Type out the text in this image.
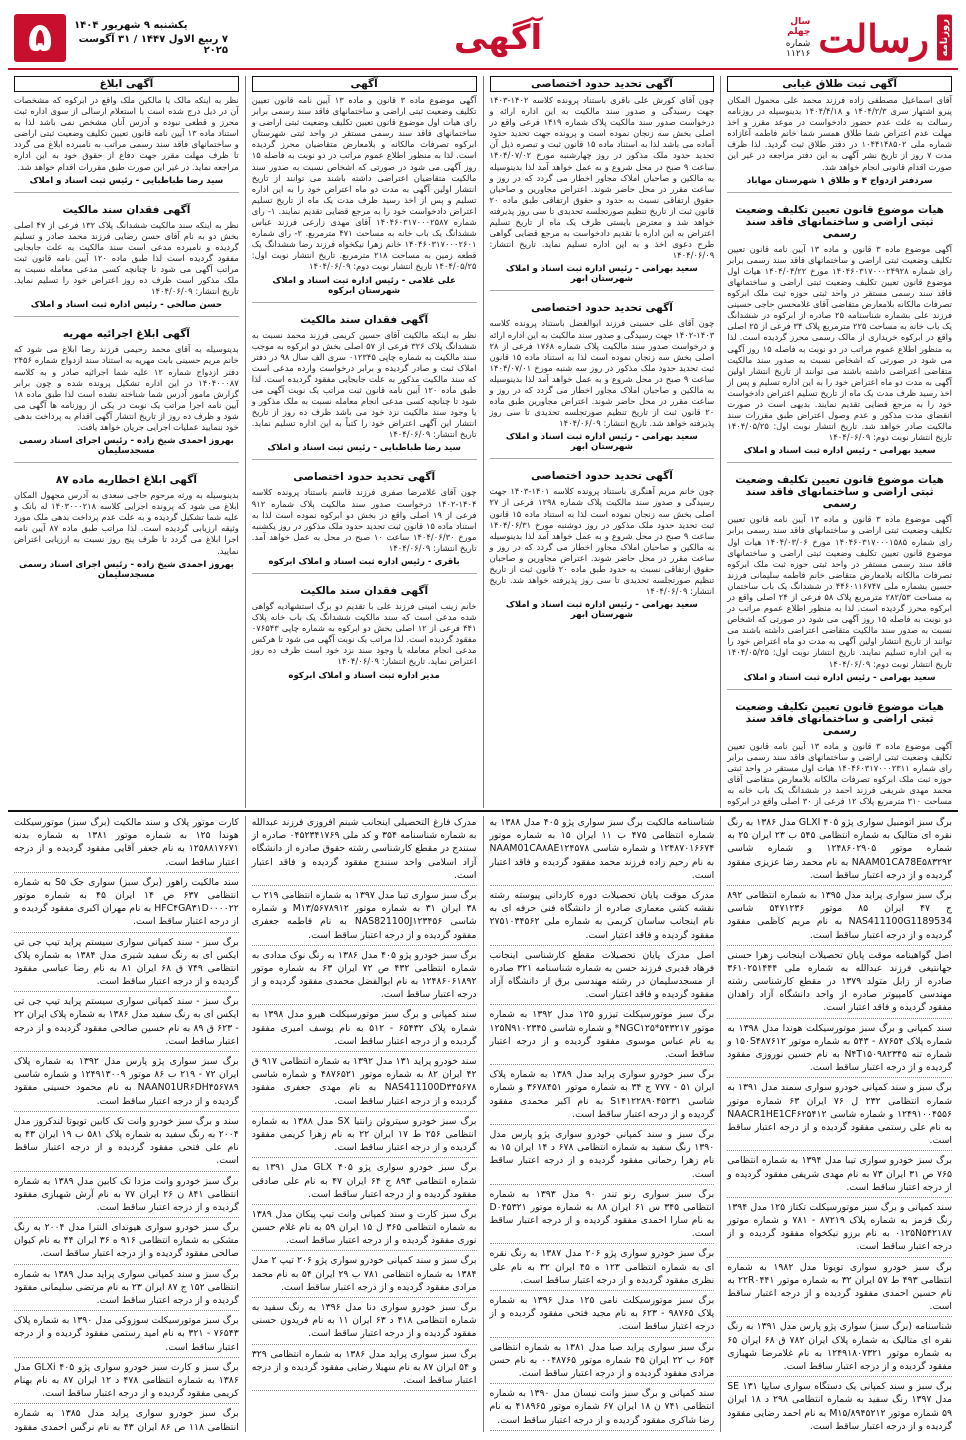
روزنامه
رسالت
سال چهلم
شماره ۱۱۲۱۶
آگهی
یکشنبه ۹ شهریور ۱۴۰۴
۷ ربیع الاول ۱۴۴۷ / ۳۱ آگوست ۲۰۲۵
۵
آگهی ثبت طلاق غیابی

آقای اسماعیل مصطفی زاده فرزند محمد علی محمول المکان پیرو اشتهار سری ۱۴۰۴/۲/۳ و ۱۴۰۴/۴/۱۸ بدینوسیله در روزنامه رسالت به علت عدم حضور دادخواست در موعد مقرر و اخذ مهلت عدم اعتراض شما طلاق همسر شما خانم فاطمه آغازاده شماره ملی ۱۰۴۴۱۴۸۵۰۲ در دفتر طلاق ثبت گردید. لذا ظرف مدت ۷ روز از تاریخ نشر آگهی به این دفتر مراجعه در غیر این صورت اقدام قانونی انجام خواهد شد.

سردفتر ازدواج ۴ و طلاق ۱ شهرستان مهاباد
هیات موضوع قانون تعیین تکلیف وضعیت ثبتی اراضی و ساختمانهای فاقد سند رسمی

آگهی موضوع ماده ۳ قانون و ماده ۱۳ آیین نامه قانون تعیین تکلیف وضعیت ثبتی اراضی و ساختمانهای فاقد سند رسمی برابر رای شماره ۱۴۰۴۶۰۳۱۷۰۰۰۲۴۹۲۸ مورخ ۱۴۰۴/۰۴/۲۲ هیات اول موضوع قانون تعیین تکلیف وضعیت ثبتی اراضی و ساختمانهای فاقد سند رسمی مستقر در واحد ثبتی حوزه ثبت ملک ابرکوه تصرفات مالکانه بلامعارض متقاضی آقای غلامحسن حاجی حسینی فرزند علی بشماره شناسنامه ۲۵ صادره از ابرکوه در ششدانگ یک باب خانه به مساحت ۲۲۵ مترمربع پلاک ۳۴ فرعی از ۲۵ اصلی واقع در ابرکوه خریداری از مالک رسمی محرز گردیده است. لذا به منظور اطلاع عموم مراتب در دو نوبت به فاصله ۱۵ روز آگهی می شود در صورتی که اشخاص نسبت به صدور سند مالکیت متقاضی اعتراضی داشته باشند می توانند از تاریخ انتشار اولین آگهی به مدت دو ماه اعتراض خود را به این اداره تسلیم و پس از اخذ رسید ظرف مدت یک ماه از تاریخ تسلیم اعتراض دادخواست خود را به مرجع قضایی تقدیم نمایند. بدیهی است در صورت انقضای مدت مذکور و عدم وصول اعتراض طبق مقررات سند مالکیت صادر خواهد شد. تاریخ انتشار نوبت اول: ۱۴۰۴/۰۵/۲۵ تاریخ انتشار نوبت دوم: ۱۴۰۴/۰۶/۰۹

سعید بهرامی - رئیس اداره ثبت اسناد و املاک
هیات موضوع قانون تعیین تکلیف وضعیت ثبتی اراضی و ساختمانهای فاقد سند رسمی

آگهی موضوع ماده ۳ قانون و ماده ۱۳ آیین نامه قانون تعیین تکلیف وضعیت ثبتی اراضی و ساختمانهای فاقد سند رسمی برابر رای شماره ۱۴۰۴۶۰۳۱۷۰۰۰۱۵۸۵ مورخ ۱۴۰۴/۰۳/۰۶ هیات اول موضوع قانون تعیین تکلیف وضعیت ثبتی اراضی و ساختمانهای فاقد سند رسمی مستقر در واحد ثبتی حوزه ثبت ملک ابرکوه تصرفات مالکانه بلامعارض متقاضی خانم فاطمه سلیمانی فرزند حسین بشماره ملی ۴۴۶۰۱۱۶۷۴۷ در ششدانگ یک باب ساختمان به مساحت ۲۸۲/۵۳ مترمربع پلاک ۵۸ فرعی از ۲۴ اصلی واقع در ابرکوه محرز گردیده است. لذا به منظور اطلاع عموم مراتب در دو نوبت به فاصله ۱۵ روز آگهی می شود در صورتی که اشخاص نسبت به صدور سند مالکیت متقاضی اعتراضی داشته باشند می توانند از تاریخ انتشار اولین آگهی به مدت دو ماه اعتراض خود را به این اداره تسلیم نمایند. تاریخ انتشار نوبت اول: ۱۴۰۴/۰۵/۲۵ تاریخ انتشار نوبت دوم: ۱۴۰۴/۰۶/۰۹

سعید بهرامی - رئیس اداره ثبت اسناد و املاک
هیات موضوع قانون تعیین تکلیف وضعیت ثبتی اراضی و ساختمانهای فاقد سند رسمی

آگهی موضوع ماده ۳ قانون و ماده ۱۳ آیین نامه قانون تعیین تکلیف وضعیت ثبتی اراضی و ساختمانهای فاقد سند رسمی برابر رای شماره ۱۴۰۴۶۰۳۱۷۰۰۰۲۳۱۱ هیات اول مستقر در واحد ثبتی حوزه ثبت ملک ابرکوه تصرفات مالکانه بلامعارض متقاضی آقای محمد مهدی شریفی فرزند احمد در ششدانگ یک باب خانه به مساحت ۳۱۰ مترمربع پلاک ۱۲ فرعی از ۳۰ اصلی واقع در ابرکوه

آگهی تحدید حدود اختصاصی

چون آقای کورش علی باقری باستناد پرونده کلاسه ۱۴۰۲-۱۴۰۳ جهت رسیدگی و صدور سند مالکیت به این اداره ارائه و درخواست صدور سند مالکیت پلاک شماره ۱۴۱۹ فرعی واقع در اصلی بخش سه زنجان نموده است و پرونده جهت تحدید حدود آماده می باشد لذا به استناد ماده ۱۵ قانون ثبت و تبصره ذیل آن تحدید حدود ملک مذکور در روز چهارشنبه مورخ ۱۴۰۴/۰۷/۰۲ ساعت ۹ صبح در محل شروع و به عمل خواهد آمد لذا بدینوسیله به مالکین و صاحبان املاک مجاور اخطار می گردد که در روز و ساعت مقرر در محل حاضر شوند. اعتراض مجاورین و صاحبان حقوق ارتفاقی نسبت به حدود و حقوق ارتفاقی طبق ماده ۲۰ قانون ثبت از تاریخ تنظیم صورتجلسه تحدیدی تا سی روز پذیرفته خواهد شد و معترض بایستی ظرف یک ماه از تاریخ تسلیم اعتراض به این اداره با تقدیم دادخواست به مرجع قضایی گواهی طرح دعوی اخذ و به این اداره تسلیم نماید. تاریخ انتشار: ۱۴۰۴/۰۶/۰۹

سعید بهرامی - رئیس اداره ثبت اسناد و املاک شهرستان ابهر
آگهی تحدید حدود اختصاصی

چون آقای علی حسینی فرزند ابوالفضل باستناد پرونده کلاسه ۱۴۰۳-۱۴۰۲ جهت رسیدگی و صدور سند مالکیت به این اداره ارائه و درخواست صدور سند مالکیت پلاک شماره ۱۷۶۸ فرعی از ۲۸ اصلی بخش سه زنجان نموده است لذا به استناد ماده ۱۵ قانون ثبت تحدید حدود ملک مذکور در روز سه شنبه مورخ ۱۴۰۴/۰۷/۰۱ ساعت ۹ صبح در محل شروع و به عمل خواهد آمد لذا بدینوسیله به مالکین و صاحبان املاک مجاور اخطار می گردد که در روز و ساعت مقرر در محل حاضر شوند. اعتراض مجاورین طبق ماده ۲۰ قانون ثبت از تاریخ تنظیم صورتجلسه تحدیدی تا سی روز پذیرفته خواهد شد. تاریخ انتشار: ۱۴۰۴/۰۶/۰۹

سعید بهرامی - رئیس اداره ثبت اسناد و املاک شهرستان ابهر
آگهی تحدید حدود اختصاصی

چون خانم مریم آهنگری باستناد پرونده کلاسه ۱۴۰۱-۱۴۰۳ جهت رسیدگی و صدور سند مالکیت پلاک شماره ۱۲۹۸ فرعی از ۲۷ اصلی بخش سه زنجان نموده است لذا به استناد ماده ۱۵ قانون ثبت تحدید حدود ملک مذکور در روز دوشنبه مورخ ۱۴۰۴/۰۶/۳۱ ساعت ۹ صبح در محل شروع و به عمل خواهد آمد لذا بدینوسیله به مالکین و صاحبان املاک مجاور اخطار می گردد که در روز و ساعت مقرر در محل حاضر شوند. اعتراض مجاورین و صاحبان حقوق ارتفاقی نسبت به حدود طبق ماده ۲۰ قانون ثبت از تاریخ تنظیم صورتجلسه تحدیدی تا سی روز پذیرفته خواهد شد. تاریخ انتشار: ۱۴۰۴/۰۶/۰۹

سعید بهرامی - رئیس اداره ثبت اسناد و املاک شهرستان ابهر
آگهی

آگهی موضوع ماده ۳ قانون و ماده ۱۳ آیین نامه قانون تعیین تکلیف وضعیت ثبتی اراضی و ساختمانهای فاقد سند رسمی برابر رای هیات اول موضوع قانون تعیین تکلیف وضعیت ثبتی اراضی و ساختمانهای فاقد سند رسمی مستقر در واحد ثبتی شهرستان ابرکوه تصرفات مالکانه و بلامعارض متقاضیان محرز گردیده است. لذا به منظور اطلاع عموم مراتب در دو نوبت به فاصله ۱۵ روز آگهی می شود در صورتی که اشخاص نسبت به صدور سند مالکیت متقاضیان اعتراضی داشته باشند می توانند از تاریخ انتشار اولین آگهی به مدت دو ماه اعتراض خود را به این اداره تسلیم و پس از اخذ رسید ظرف مدت یک ماه از تاریخ تسلیم اعتراض دادخواست خود را به مرجع قضایی تقدیم نمایند. ۱- رای شماره ۱۴۰۴۶۰۳۱۷۰۰۰۲۵۸۷ آقای مهدی زارعی فرزند عباس ششدانگ یک باب خانه به مساحت ۴۷۱ مترمربع. ۲- رای شماره ۱۴۰۴۶۰۳۱۷۰۰۰۲۶۰۱ خانم زهرا نیکخواه فرزند رضا ششدانگ یک قطعه زمین به مساحت ۲۱۸ مترمربع. تاریخ انتشار نوبت اول: ۱۴۰۴/۰۵/۲۵ تاریخ انتشار نوبت دوم: ۱۴۰۴/۰۶/۰۹

علی غلامی - رئیس اداره ثبت اسناد و املاک شهرستان ابرکوه
آگهی فقدان سند مالکیت

نظر به اینکه مالکیت آقای حسین کریمی فرزند محمد نسبت به ششدانگ پلاک ۳۲۶ فرعی از ۵۷ اصلی بخش دو ابرکوه به موجب سند مالکیت به شماره چاپی ۰۱۲۳۴۵ سری الف سال ۹۸ در دفتر املاک ثبت و صادر گردیده و برابر درخواست وارده مدعی است که سند مالکیت مذکور به علت جابجایی مفقود گردیده است. لذا طبق ماده ۱۲۰ آیین نامه قانون ثبت مراتب یک نوبت آگهی می شود تا چنانچه کسی مدعی انجام معامله نسبت به ملک مذکور و یا وجود سند مالکیت نزد خود می باشد ظرف ده روز از تاریخ انتشار این آگهی اعتراض خود را کتباً به این اداره تسلیم نماید. تاریخ انتشار: ۱۴۰۴/۰۶/۰۹

سید رضا طباطبایی - رئیس ثبت اسناد و املاک
آگهی تحدید حدود اختصاصی

چون آقای غلامرضا صفری فرزند قاسم باستناد پرونده کلاسه ۱۴۰۴-۱۴۰۲ درخواست صدور سند مالکیت پلاک شماره ۹۱۲ فرعی از ۱۹ اصلی واقع در بخش دو ابرکوه نموده است لذا به استناد ماده ۱۵ قانون ثبت تحدید حدود ملک مذکور در روز یکشنبه مورخ ۱۴۰۴/۰۶/۳۰ ساعت ۱۰ صبح در محل به عمل خواهد آمد. تاریخ انتشار: ۱۴۰۴/۰۶/۰۹

باقری - رئیس اداره ثبت اسناد و املاک ابرکوه
آگهی فقدان سند مالکیت

خانم زینب امینی فرزند علی با تقدیم دو برگ استشهادیه گواهی شده مدعی است که سند مالکیت ششدانگ یک باب خانه پلاک ۴۴۱ فرعی از ۱۲ اصلی بخش دو ابرکوه به شماره چاپی ۰۷۶۵۴۳ مفقود گردیده است. لذا مراتب یک نوبت آگهی می شود تا هرکس مدعی انجام معامله یا وجود سند نزد خود است ظرف ده روز اعتراض نماید. تاریخ انتشار: ۱۴۰۴/۰۶/۰۹

مدیر اداره ثبت اسناد و املاک ابرکوه
آگهی ابلاغ

نظر به اینکه مالک یا مالکین ملک واقع در ابرکوه که مشخصات آن در ذیل درج شده است با استعلام ارسالی از سوی اداره ثبت محرز و قطعی نبوده و آدرس آنان مشخص نمی باشد لذا به استناد ماده ۱۳ آیین نامه قانون تعیین تکلیف وضعیت ثبتی اراضی و ساختمانهای فاقد سند رسمی مراتب به نامبرده ابلاغ می گردد تا ظرف مهلت مقرر جهت دفاع از حقوق خود به این اداره مراجعه نماید. در غیر این صورت طبق مقررات اقدام خواهد شد.

سید رضا طباطبایی - رئیس ثبت اسناد و املاک
آگهی فقدان سند مالکیت

نظر به اینکه سند مالکیت ششدانگ پلاک ۱۳۲ فرعی از ۴۷ اصلی بخش دو به نام آقای حسن رضایی فرزند محمد صادر و تسلیم گردیده و نامبرده مدعی است سند مالکیت به علت جابجایی مفقود گردیده است لذا طبق ماده ۱۲۰ آیین نامه قانون ثبت مراتب آگهی می شود تا چنانچه کسی مدعی معامله نسبت به ملک مذکور است ظرف ده روز اعتراض خود را تسلیم نماید. تاریخ انتشار: ۱۴۰۴/۰۶/۰۹

حسن صالحی - رئیس اداره ثبت اسناد و املاک
آگهی ابلاغ اجرائیه مهریه

بدینوسیله به آقای محمد رحیمی فرزند رضا ابلاغ می شود که خانم مریم حسینی بابت مهریه به استناد سند ازدواج شماره ۲۴۵۶ دفتر ازدواج شماره ۱۲ علیه شما اجرائیه صادر و به کلاسه ۱۴۰۴۰۰۰۸۷ در این اداره تشکیل پرونده شده و چون برابر گزارش مامور آدرس شما شناخته نشده است لذا طبق ماده ۱۸ آیین نامه اجرا مراتب یک نوبت در یکی از روزنامه ها آگهی می شود و ظرف ده روز از تاریخ انتشار آگهی اقدام به پرداخت بدهی خود ننمایید عملیات اجرایی جریان خواهد یافت.

بهروز احمدی شیخ زاده - رئیس اجرای اسناد رسمی مسجدسلیمان
آگهی ابلاغ اخطاریه ماده ۸۷

بدینوسیله به ورثه مرحوم حاجی سعدی به آدرس مجهول المکان ابلاغ می شود که پرونده اجرایی کلاسه ۱۴۰۳۰۰۰۲۱۸ له بانک و علیه شما تشکیل گردیده و به علت عدم پرداخت بدهی ملک مورد وثیقه ارزیابی گردیده است. لذا مراتب طبق ماده ۸۷ آیین نامه اجرا ابلاغ می گردد تا ظرف پنج روز نسبت به ارزیابی اعتراض نمایید.

بهروز احمدی شیخ زاده - رئیس اجرای اسناد رسمی مسجدسلیمان

برگ سبز اتومبیل سواری پژو GLXI ۴۰۵ مدل ۱۳۸۶ به رنگ نقره ای متالیک به شماره انتظامی ۵۴۵ ب ۲۳ ایران ۲۵ به شماره موتور ۱۲۴۸۶۰۲۹۰۵ و شماره شاسی NAAM01CA78E۵۸۳۲۹۲ به نام محمد رضا عزیزی مفقود گردیده و از درجه اعتبار ساقط است.

برگ سبز سواری پراید مدل ۱۳۹۵ به شماره انتظامی ۸۹۲ ج ۴۷ ایران ۸۵ موتور ۵۴۷۱۲۳۶ شاسی NAS411100G1189534 به نام مریم کاظمی مفقود گردیده و از درجه اعتبار ساقط است.

اصل گواهینامه موقت پایان تحصیلات اینجانب زهرا حسنی جهانتیغی فرزند عبدالله به شماره ملی ۳۶۱۰۲۵۱۴۴۴ صادره از زابل متولد ۱۳۷۹ در مقطع کارشناسی رشته مهندسی کامپیوتر صادره از واحد دانشگاه آزاد زاهدان مفقود گردیده و فاقد اعتبار است.

سند کمپانی و برگ سبز موتورسیکلت هوندا مدل ۱۳۹۸ به شماره پلاک ۸۷۶۵۴ - ۵۴۳ به شماره موتور ۱۵۰S۴۸۷۶۱۲ و شماره تنه N۴T۱۵۰۹۸۲۳۴۵ به نام حسین نوروزی مفقود گردیده و از درجه اعتبار ساقط است.

برگ سبز و سند کمپانی خودرو سواری سمند مدل ۱۳۹۱ به شماره انتظامی ۲۳۲ ل ۷۶ ایران ۶۳ شماره موتور ۱۲۴۹۱۰۰۴۵۵۶ و شماره شاسی NAACR1HE1CF۶۲۵۴۱۲ به نام علی رستمی مفقود گردیده و از درجه اعتبار ساقط است.

برگ سبز خودرو سواری تیبا مدل ۱۳۹۴ به شماره انتظامی ۷۶۵ ص ۳۱ ایران ۷۳ به نام مهدی شریفی مفقود گردیده و از درجه اعتبار ساقط است.

سند کمپانی و برگ سبز موتورسیکلت تکتاز ۱۲۵ مدل ۱۳۹۴ رنگ قرمز به شماره پلاک ۸۷۲۱۹ - ۷۸۱ و شماره موتور ۰۱۲۵N۵۴۲۱۸۷ به نام برزو نیکخواه مفقود گردیده و از درجه اعتبار ساقط است.

برگ سبز خودرو سواری تویوتا مدل ۱۹۸۲ به شماره انتظامی ۴۹۳ ط ۵۷ ایران ۳۲ به شماره موتور ۲۲R۰۴۴۱ به نام حسین احمدی مفقود گردیده و از درجه اعتبار ساقط است.

شناسنامه (برگ سبز) سواری پژو پارس مدل ۱۳۹۱ به رنگ نقره ای متالیک به شماره پلاک ایران ۷۸۲ ق ۶۸ ایران ۶۵ به شماره موتور ۱۲۴۹۱۸۰۷۳۲۱ به نام غلامرضا شهبازی مفقود گردیده و از درجه اعتبار ساقط است.

برگ سبز و سند کمپانی یک دستگاه سواری سایپا SE ۱۳۱ مدل ۱۳۹۷ رنگ سفید به شماره انتظامی ۲۹۸ د ۱۸ ایران ۵۹ شماره موتور M۱۵/۸۹۴۵۲۱۲ به نام احمد رضایی مفقود گردیده و از درجه اعتبار ساقط است.

شناسنامه مالکیت برگ سبز سواری پژو ۴۰۵ مدل ۱۳۸۸ به شماره انتظامی ۴۷۵ ب ۱۱ ایران ۱۵ به شماره موتور ۱۲۴۸۷۰۱۶۶۷۴ و شماره شاسی NAAM01CA۸AE۱۲۴۵۷۸ به نام رحیم زاده فرزند محمد مفقود گردیده و فاقد اعتبار است.

مدرک موقت پایان تحصیلات دوره کاردانی پیوسته رشته نقشه کشی معماری صادره از دانشگاه فنی حرفه ای به نام اینجانب ساسان کریمی به شماره ملی ۲۷۵۱۰۳۴۵۶۲ مفقود گردیده و فاقد اعتبار است.

اصل مدرک پایان تحصیلات مقطع کارشناسی اینجانب فرهاد قدیری فرزند حسن به شماره شناسنامه ۳۲۱ صادره از مسجدسلیمان در رشته مهندسی برق از دانشگاه آزاد مفقود گردیده و فاقد اعتبار است.

برگ سبز موتورسیکلت تیزرو ۱۲۵ مدل ۱۳۹۲ به شماره موتور NGC۱۲۵*۵۴۳۲۱۷* و شماره شاسی ۱۲۵N۹۱۰۲۳۴۵ به نام عباس موسوی مفقود گردیده و از درجه اعتبار ساقط است.

برگ سبز خودرو سواری پراید مدل ۱۳۸۹ به شماره پلاک ایران ۵۱ - ۷۷۷ ج ۳۴ به شماره موتور ۳۶۷۸۴۵۱ و شماره شاسی S۱۴۱۲۲۸۹۰۴۵۲۳۱ به نام اکبر محمدی مفقود گردیده و از درجه اعتبار ساقط است.

برگ سبز و سند کمپانی خودرو سواری پژو پارس مدل ۱۳۹۰ رنگ سفید به شماره انتظامی ۶۷۸ د ۱۴ ایران ۱۵ به نام زهرا رحمانی مفقود گردیده و از درجه اعتبار ساقط است.

برگ سبز سواری رنو تندر ۹۰ مدل ۱۳۹۳ به شماره انتظامی ۳۴۵ س ۶۱ ایران ۸۸ به شماره موتور D۰۴۵۳۲۱ به نام سارا احمدی مفقود گردیده و از درجه اعتبار ساقط است.

برگ سبز خودرو سواری پژو ۲۰۶ مدل ۱۳۸۷ به رنگ نقره ای به شماره انتظامی ۱۲۳ ه ۴۵ ایران ۳۲ به نام علی نظری مفقود گردیده و از درجه اعتبار ساقط است.

برگ سبز موتورسیکلت نامی ۱۲۵ مدل ۱۳۹۶ به شماره پلاک ۹۸۷۶۵ - ۶۲۳ به نام مجید فتحی مفقود گردیده و از درجه اعتبار ساقط است.

برگ سبز سواری پراید صبا مدل ۱۳۸۱ به شماره انتظامی ۶۵۴ ب ۲۲ ایران ۴۵ شماره موتور ۰۰۴۸۷۶۵ به نام حسن مرادی مفقود گردیده و از درجه اعتبار ساقط است.

سند کمپانی و برگ سبز وانت نیسان مدل ۱۳۹۰ به شماره انتظامی ۷۴۱ ن ۱۸ ایران ۶۷ شماره موتور ۴۱۸۹۶۵ به نام رضا شاکری مفقود گردیده و از درجه اعتبار ساقط است.

مدرک فارغ التحصیلی اینجانب شبنم افروزی فرزند عبدالله به شماره شناسنامه ۳۵۴ و کد ملی ۰۴۵۲۳۴۱۷۶۹ صادره از سنندج در مقطع کارشناسی رشته حقوق صادره از دانشگاه آزاد اسلامی واحد سنندج مفقود گردیده و فاقد اعتبار است.

برگ سبز سواری تیبا مدل ۱۳۹۷ به شماره انتظامی ۲۱۹ ب ۳۸ ایران ۳۱ به شماره موتور M۱۳/۵۶۷۸۹۱۲ و شماره شاسی NAS821100J۱۲۳۴۵۶ به نام فاطمه جعفری مفقود گردیده و از درجه اعتبار ساقط است.

برگ سبز خودرو پژو ۴۰۵ مدل ۱۳۸۶ به رنگ نوک مدادی به شماره انتظامی ۴۳۲ ص ۷۲ ایران ۶۳ به شماره موتور ۱۲۴۸۶۰۶۱۸۹۲ به نام ابوالفضل محمدی مفقود گردیده و از درجه اعتبار ساقط است.

سند کمپانی و برگ سبز موتورسیکلت هیرو مدل ۱۳۹۸ به شماره پلاک ۶۵۴۳۲ - ۵۱۲ به نام یوسف امیری مفقود گردیده و از درجه اعتبار ساقط است.

سند خودرو پراید ۱۳۱ مدل ۱۳۹۲ به شماره انتظامی ۹۱۷ ق ۴۲ ایران ۸۲ به شماره موتور ۴۸۷۶۵۲۱ و شماره شاسی NAS411100D۳۴۵۶۷۸ به نام مهدی جعفری مفقود گردیده و از درجه اعتبار ساقط است.

برگ سبز خودرو سیتروئن زانتیا SX مدل ۱۳۸۸ به شماره انتظامی ۲۵۶ ط ۱۷ ایران ۲۲ به نام زهرا کریمی مفقود گردیده و از درجه اعتبار ساقط است.

برگ سبز خودرو سواری پژو ۴۰۵ GLX مدل ۱۳۹۱ به شماره انتظامی ۸۹۳ ج ۶۴ ایران ۴۷ به نام علی صادقی مفقود گردیده و از درجه اعتبار ساقط است.

برگ سبز کارت و سند کمپانی وانت تیپ پیکان مدل ۱۳۸۹ به شماره انتظامی ۳۶۵ ل ۱۵ ایران ۵۹ به نام غلام حسین نوری مفقود گردیده و از درجه اعتبار ساقط است.

برگ سبز و سند کمپانی خودرو سواری پژو ۲۰۶ تیپ ۲ مدل ۱۳۸۴ به شماره انتظامی ۷۸۱ ب ۲۹ ایران ۵۴ به نام محمد مرادی مفقود گردیده و از درجه اعتبار ساقط است.

برگ سبز خودرو سواری دنا مدل ۱۳۹۶ به رنگ سفید به شماره انتظامی ۴۱۸ د ۶۳ ایران ۱۱ به نام فریدون حسنی مفقود گردیده و از درجه اعتبار ساقط است.

برگ سبز سواری پراید مدل ۱۳۸۶ به شماره انتظامی ۳۲۹ و ۵۴ ایران ۸۷ به نام سهیلا رضایی مفقود گردیده و از درجه اعتبار ساقط است.

کارت موتور پلاک و سند مالکیت (برگ سبز) موتورسیکلت هوندا ۱۲۵ به شماره موتور ۱۳۸۱ به شماره بدنه ۱۲۵۸۸۱۷۶۷۱ به نام جعفر آقایی مفقود گردیده و از درجه اعتبار ساقط است.

سند مالکیت راهور (برگ سبز) سواری جک S۵ به شماره انتظامی ۶۳۷ ص ۱۴ ایران ۴۵ به شماره موتور HFC۴GA۳۱D۰۰۰۰۲۲ به نام مهران اکبری مفقود گردیده و از درجه اعتبار ساقط است.

برگ سبز - سند کمپانی سواری سیستم پراید تیپ جی تی ایکس ای به رنگ سفید شیری مدل ۱۳۸۴ به شماره پلاک انتظامی ۷۴۹ ق ۶۸ ایران ۸۱ به نام رضا عباسی مفقود گردیده و از درجه اعتبار ساقط است.

برگ سبز - سند کمپانی سواری سیستم پراید تیپ جی تی ایکس ای به رنگ سفید مدل ۱۳۸۶ به شماره پلاک ایران ۲۲ - ۶۲۳ ق ۸۹ به نام حسین صالحی مفقود گردیده و از درجه اعتبار ساقط است.

برگ سبز سواری پژو پارس مدل ۱۳۹۲ به شماره پلاک ایران ۷۲ - ۲۱۹ ب ۸۶ موتور ۱۲۴۹۱۳۰۰۹ و شماره شاسی NAAN01UR۶DH۴۵۶۷۸۹ به نام محمود حسینی مفقود گردیده و از درجه اعتبار ساقط است.

سند و برگ سبز خودرو وانت تک کابین تویوتا لندکروز مدل ۲۰۰۴ به رنگ سفید به شماره پلاک ۵۸۱ ب ۱۹ ایران ۴۳ به نام علی فتحی مفقود گردیده و از درجه اعتبار ساقط است.

برگ سبز خودرو وانت مزدا تک کابین مدل ۱۳۸۹ به شماره انتظامی ۸۴۱ ن ۲۶ ایران ۷۷ به نام آرش شهبازی مفقود گردیده و از درجه اعتبار ساقط است.

برگ سبز خودرو سواری هیوندای النترا مدل ۲۰۰۴ به رنگ مشکی به شماره انتظامی ۹۱۶ ه ۳۶ ایران ۴۴ به نام کیوان صالحی مفقود گردیده و از درجه اعتبار ساقط است.

برگ سبز و سند کمپانی سواری پراید مدل ۱۳۸۹ به شماره انتظامی ۱۵۲ ج ۸۷ ایران ۲۳ به نام مرتضی سلیمانی مفقود گردیده و از درجه اعتبار ساقط است.

برگ سبز موتورسیکلت سوزوکی مدل ۱۳۹۰ به شماره پلاک ۷۶۵۴۳ - ۳۲۱ به نام امید رستمی مفقود گردیده و از درجه اعتبار ساقط است.

برگ سبز و کارت سبز خودرو سواری پژو ۴۰۵ GLXi مدل ۱۳۸۶ به شماره انتظامی ۴۷۸ د ۱۲ ایران ۸۷ به نام بهنام کریمی مفقود گردیده و از درجه اعتبار ساقط است.

برگ سبز خودرو سواری پراید مدل ۱۳۸۵ به شماره انتظامی ۱۱۸ ص ۸۶ ایران ۴۳ به نام نرگس احمدی مفقود
